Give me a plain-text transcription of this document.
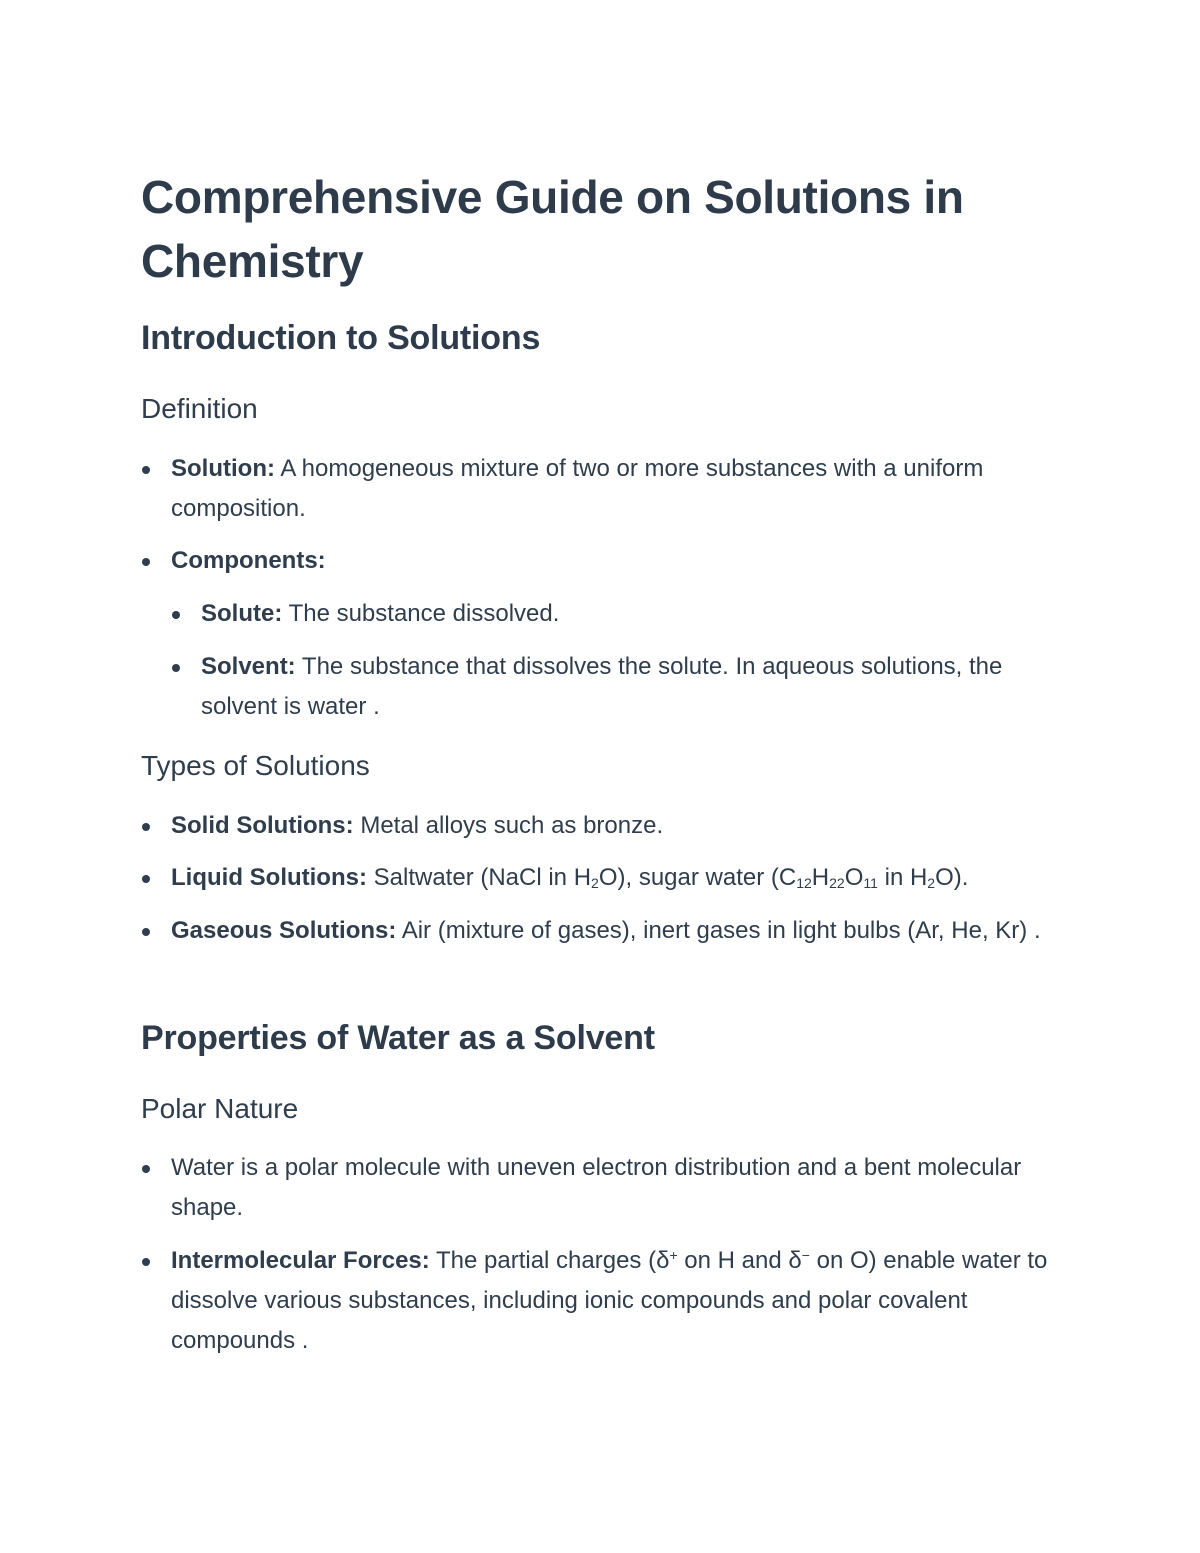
Comprehensive Guide on Solutions in Chemistry
Introduction to Solutions
Definition
Solution: A homogeneous mixture of two or more substances with a uniform composition.
Components:
Solute: The substance dissolved.
Solvent: The substance that dissolves the solute. In aqueous solutions, the solvent is water .
Types of Solutions
Solid Solutions: Metal alloys such as bronze.
Liquid Solutions: Saltwater (NaCl in $H_2O$), sugar water ($C_{12}H_{22}O_{11}$ in $H_2O$).
Gaseous Solutions: Air (mixture of gases), inert gases in light bulbs (Ar, He, Kr) .
Properties of Water as a Solvent
Polar Nature
Water is a polar molecule with uneven electron distribution and a bent molecular shape.
Intermolecular Forces: The partial charges (δ+ on H and δ− on O) enable water to dissolve various substances, including ionic compounds and polar covalent compounds .
